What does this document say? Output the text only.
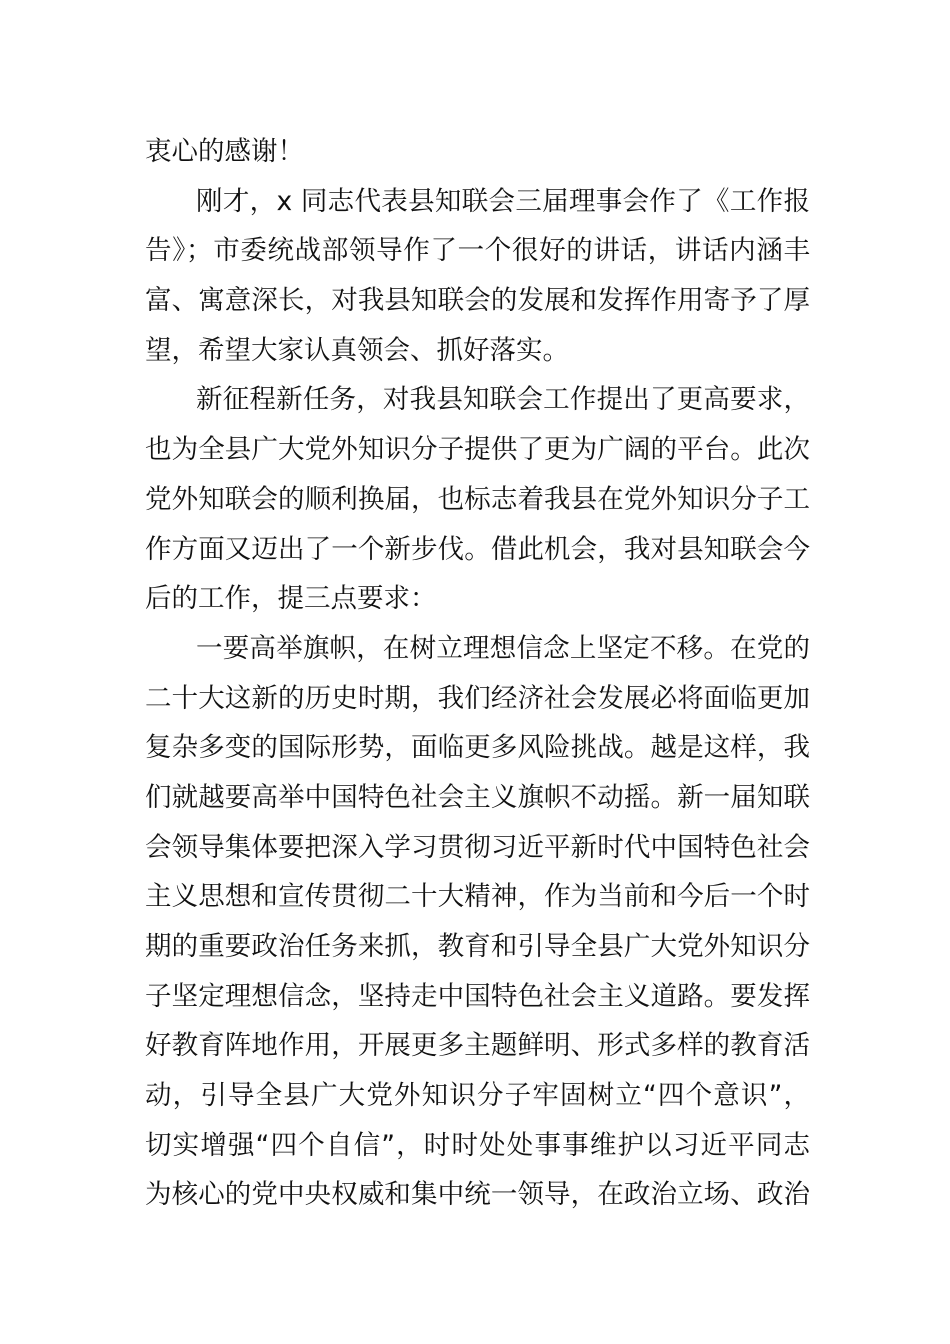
衷心的感谢！
刚才，x 同志代表县知联会三届理事会作了《工作报
告》；市委统战部领导作了一个很好的讲话，讲话内涵丰
富、寓意深长，对我县知联会的发展和发挥作用寄予了厚
望，希望大家认真领会、抓好落实。
新征程新任务，对我县知联会工作提出了更高要求，
也为全县广大党外知识分子提供了更为广阔的平台。此次
党外知联会的顺利换届，也标志着我县在党外知识分子工
作方面又迈出了一个新步伐。借此机会，我对县知联会今
后的工作，提三点要求：
一要高举旗帜，在树立理想信念上坚定不移。在党的
二十大这新的历史时期，我们经济社会发展必将面临更加
复杂多变的国际形势，面临更多风险挑战。越是这样，我
们就越要高举中国特色社会主义旗帜不动摇。新一届知联
会领导集体要把深入学习贯彻习近平新时代中国特色社会
主义思想和宣传贯彻二十大精神，作为当前和今后一个时
期的重要政治任务来抓，教育和引导全县广大党外知识分
子坚定理想信念，坚持走中国特色社会主义道路。要发挥
好教育阵地作用，开展更多主题鲜明、形式多样的教育活
动，引导全县广大党外知识分子牢固树立“四个意识”，
切实增强“四个自信”，时时处处事事维护以习近平同志
为核心的党中央权威和集中统一领导，在政治立场、政治
